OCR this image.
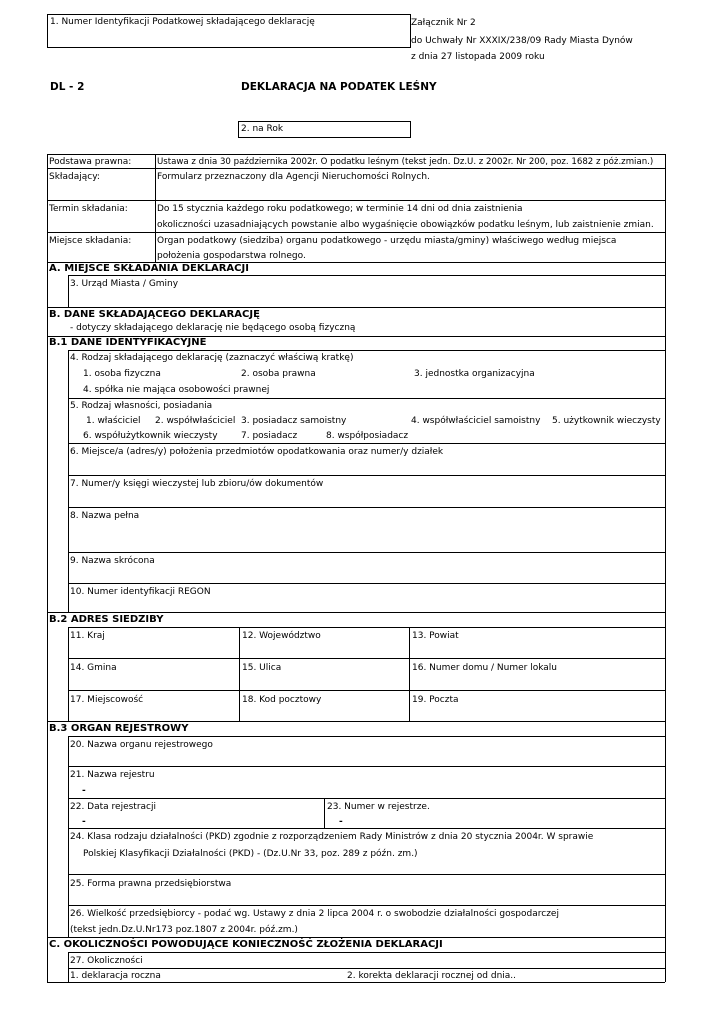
1. Numer Identyfikacji Podatkowej składającego deklarację	Załącznik Nr 2
do Uchwały Nr XXXIX/238/09 Rady Miasta Dynów
z dnia 27 listopada 2009 roku
DL - 2	DEKLARACJA NA PODATEK LEŚNY
2. na Rok
Podstawa prawna:	Ustawa z dnia 30 października 2002r. O podatku leśnym (tekst jedn. Dz.U. z 2002r. Nr 200, poz. 1682 z póż.zmian.)
Składający:	Formularz przeznaczony dla Agencji Nieruchomości Rolnych.
Termin składania:	Do 15 stycznia każdego roku podatkowego; w terminie 14 dni od dnia zaistnienia
okoliczności uzasadniających powstanie albo wygaśnięcie obowiązków podatku leśnym, lub zaistnienie zmian.
Miejsce składania:	Organ podatkowy (siedziba) organu podatkowego - urzędu miasta/gminy) właściwego według miejsca
położenia gospodarstwa rolnego.
A. MIEJSCE SKŁADANIA DEKLARACJI
3. Urząd Miasta / Gminy
B. DANE SKŁADAJĄCEGO DEKLARACJĘ
- dotyczy składającego deklarację nie będącego osobą fizyczną
B.1 DANE IDENTYFIKACYJNE
4. Rodzaj składającego deklarację (zaznaczyć właściwą kratkę)
1. osoba fizyczna	2. osoba prawna	3. jednostka organizacyjna
4. spółka nie mająca osobowości prawnej
5. Rodzaj własności, posiadania
1. właściciel 2. współwłaściciel 3. posiadacz samoistny	4. współwłaściciel samoistny 5. użytkownik wieczysty
6. współużytkownik wieczysty	7. posiadacz	8. współposiadacz
6. Miejsce/a (adres/y) położenia przedmiotów opodatkowania oraz numer/y działek
7. Numer/y księgi wieczystej lub zbioru/ów dokumentów
8. Nazwa pełna
9. Nazwa skrócona
10. Numer identyfikacji REGON
B.2 ADRES SIEDZIBY
11. Kraj	12. Województwo	13. Powiat
14. Gmina	15. Ulica	16. Numer domu / Numer lokalu
17. Miejscowość	18. Kod pocztowy	19. Poczta
B.3 ORGAN REJESTROWY
20. Nazwa organu rejestrowego
21. Nazwa rejestru
-
22. Data rejestracji
-
23. Numer w rejestrze.
-
24. Klasa rodzaju działalności (PKD) zgodnie z rozporządzeniem Rady Ministrów z dnia 20 stycznia 2004r. W sprawie
Polskiej Klasyfikacji Działalności (PKD) - (Dz.U.Nr 33, poz. 289 z późn. zm.)
25. Forma prawna przedsiębiorstwa
26. Wielkość przedsiębiorcy - podać wg. Ustawy z dnia 2 lipca 2004 r. o swobodzie działalności gospodarczej
(tekst jedn.Dz.U.Nr173 poz.1807 z 2004r. póź.zm.)
C. OKOLICZNOŚCI POWODUJĄCE KONIECZNOŚĆ ZŁOŻENIA DEKLARACJI
27. Okoliczności
1. deklaracja roczna	2. korekta deklaracji rocznej od dnia..
